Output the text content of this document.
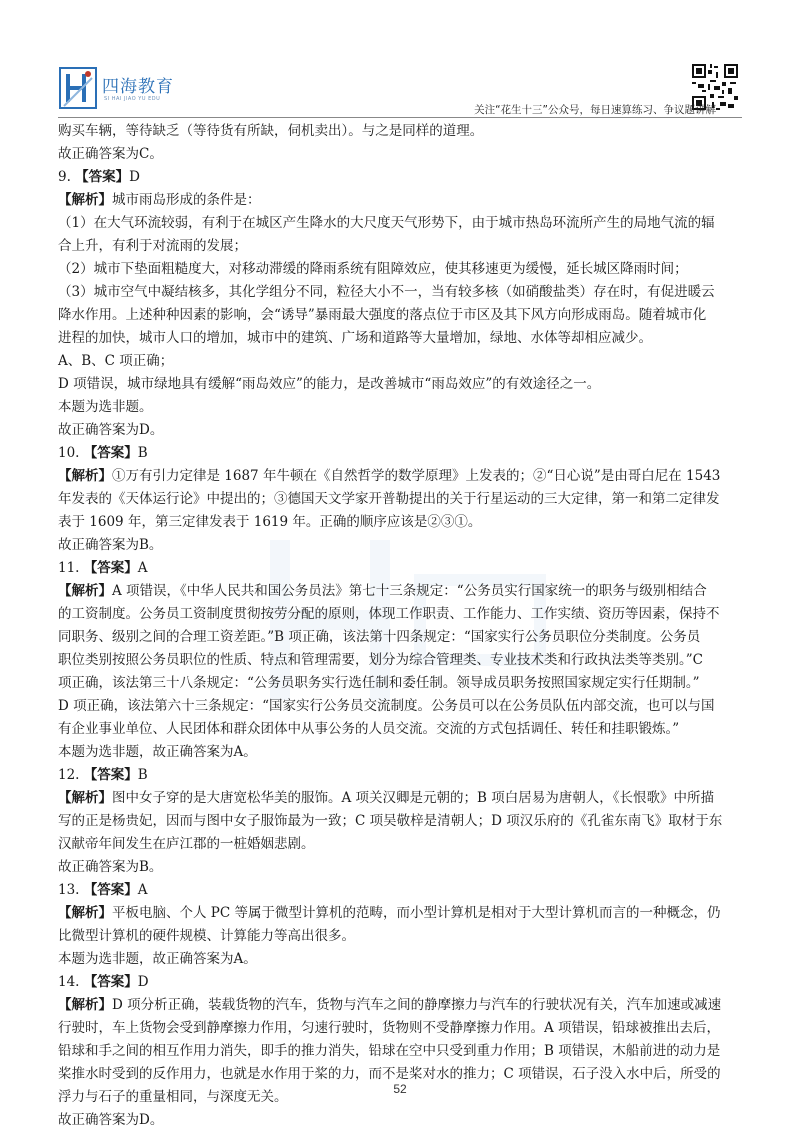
四海教育
SI HAI JIAO YU EDU
关注“花生十三”公众号，每日速算练习、争议题讲解

购买车辆，等待缺乏（等待货有所缺，伺机卖出）。与之是同样的道理。

故正确答案为C。

9. 【答案】D

【解析】城市雨岛形成的条件是：

（1）在大气环流较弱，有利于在城区产生降水的大尺度天气形势下，由于城市热岛环流所产生的局地气流的辐

合上升，有利于对流雨的发展；

（2）城市下垫面粗糙度大，对移动滞缓的降雨系统有阻障效应，使其移速更为缓慢，延长城区降雨时间；

（3）城市空气中凝结核多，其化学组分不同，粒径大小不一，当有较多核（如硝酸盐类）存在时，有促进暖云

降水作用。上述种种因素的影响，会“诱导”暴雨最大强度的落点位于市区及其下风方向形成雨岛。随着城市化

进程的加快，城市人口的增加，城市中的建筑、广场和道路等大量增加，绿地、水体等却相应减少。

A、B、C 项正确；

D 项错误，城市绿地具有缓解“雨岛效应”的能力，是改善城市“雨岛效应”的有效途径之一。

本题为选非题。

故正确答案为D。

10. 【答案】B

【解析】①万有引力定律是 1687 年牛顿在《自然哲学的数学原理》上发表的；②“日心说”是由哥白尼在 1543

年发表的《天体运行论》中提出的；③德国天文学家开普勒提出的关于行星运动的三大定律，第一和第二定律发

表于 1609 年，第三定律发表于 1619 年。正确的顺序应该是②③①。

故正确答案为B。

11. 【答案】A

【解析】A 项错误，《中华人民共和国公务员法》第七十三条规定：“公务员实行国家统一的职务与级别相结合

的工资制度。公务员工资制度贯彻按劳分配的原则，体现工作职责、工作能力、工作实绩、资历等因素，保持不

同职务、级别之间的合理工资差距。”B 项正确，该法第十四条规定：“国家实行公务员职位分类制度。公务员

职位类别按照公务员职位的性质、特点和管理需要，划分为综合管理类、专业技术类和行政执法类等类别。”C

项正确，该法第三十八条规定：“公务员职务实行选任制和委任制。领导成员职务按照国家规定实行任期制。”

D 项正确，该法第六十三条规定：“国家实行公务员交流制度。公务员可以在公务员队伍内部交流，也可以与国

有企业事业单位、人民团体和群众团体中从事公务的人员交流。交流的方式包括调任、转任和挂职锻炼。”

本题为选非题，故正确答案为A。

12. 【答案】B

【解析】图中女子穿的是大唐宽松华美的服饰。A 项关汉卿是元朝的；B 项白居易为唐朝人，《长恨歌》中所描

写的正是杨贵妃，因而与图中女子服饰最为一致；C 项吴敬梓是清朝人；D 项汉乐府的《孔雀东南飞》取材于东

汉献帝年间发生在庐江郡的一桩婚姻悲剧。

故正确答案为B。

13. 【答案】A

【解析】平板电脑、个人 PC 等属于微型计算机的范畴，而小型计算机是相对于大型计算机而言的一种概念，仍

比微型计算机的硬件规模、计算能力等高出很多。

本题为选非题，故正确答案为A。

14. 【答案】D

【解析】D 项分析正确，装载货物的汽车，货物与汽车之间的静摩擦力与汽车的行驶状况有关，汽车加速或减速

行驶时，车上货物会受到静摩擦力作用，匀速行驶时，货物则不受静摩擦力作用。A 项错误，铅球被推出去后，

铅球和手之间的相互作用力消失，即手的推力消失，铅球在空中只受到重力作用；B 项错误，木船前进的动力是

桨推水时受到的反作用力，也就是水作用于桨的力，而不是桨对水的推力；C 项错误，石子没入水中后，所受的

浮力与石子的重量相同，与深度无关。

故正确答案为D。

52
